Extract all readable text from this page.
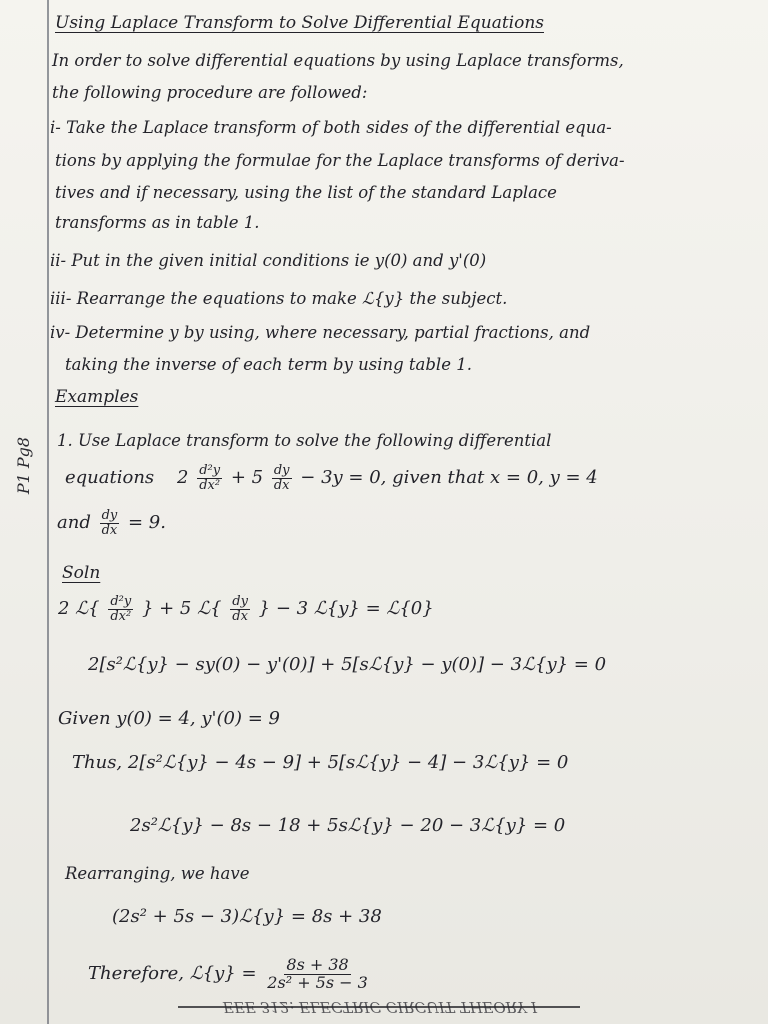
P1 Pg8
Using Laplace Transform to Solve Differential Equations
In order to solve differential equations by using Laplace transforms,
the following procedure are followed:
i- Take the Laplace transform of both sides of the differential equa-
tions by applying the formulae for the Laplace transforms of deriva-
tives and if necessary, using the list of the standard Laplace
transforms as in table 1.
ii- Put in the given initial conditions ie y(0) and y'(0)
iii- Rearrange the equations to make ℒ{y} the subject.
iv- Determine y by using, where necessary, partial fractions, and
taking the inverse of each term by using table 1.
Examples
1. Use Laplace transform to solve the following differential
equations $2 \frac{\text{d²y}}{\text{dx²}} + 5 \frac{dy}{dx} - 3y = 0$, given that x = 0, y = 4
and $\frac{dy}{dx} = 9$.
Soln
2 ℒ{ $\frac{\text{d²y}}{\text{dx²}}$ } + 5 ℒ{ $\frac{dy}{dx}$ } − 3 ℒ{y} = ℒ{0}
2[s²ℒ{y} − sy(0) − y'(0)] + 5[sℒ{y} − y(0)] − 3ℒ{y} = 0
Given y(0) = 4, y'(0) = 9
Thus, 2[s²ℒ{y} − 4s − 9] + 5[sℒ{y} − 4] − 3ℒ{y} = 0
2s²ℒ{y} − 8s − 18 + 5sℒ{y} − 20 − 3ℒ{y} = 0
Rearranging, we have
(2s² + 5s − 3)ℒ{y} = 8s + 38
Therefore, ℒ{y} = $\frac{8s + 38}{\text{2s² + 5s − 3}}$
EEE 312: ELECTRIC CIRCUIT THEORY I
